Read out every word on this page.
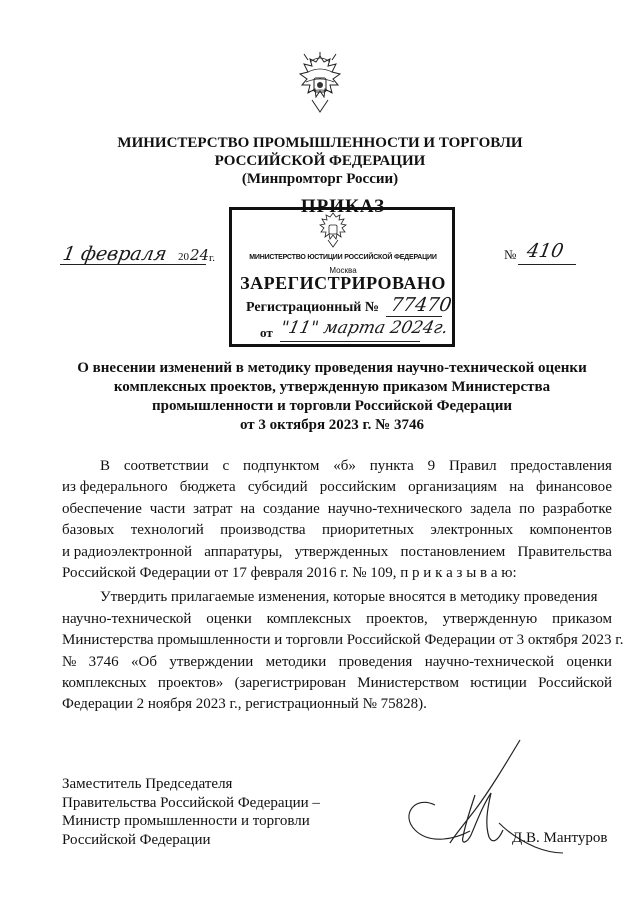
МИНИСТЕРСТВО ПРОМЫШЛЕННОСТИ И ТОРГОВЛИ
РОССИЙСКОЙ ФЕДЕРАЦИИ
(Минпромторг России)
1 февраля 20 24 г.	№ 410
ПРИКАЗ
МИНИСТЕРСТВО ЮСТИЦИИ РОССИЙСКОЙ ФЕДЕРАЦИИ
Москва
ЗАРЕГИСТРИРОВАНО
Регистрационный № 77470
от "11" марта 2024г.
О внесении изменений в методику проведения научно-технической оценки
комплексных проектов, утвержденную приказом Министерства
промышленности и торговли Российской Федерации
от 3 октября 2023 г. № 3746
В соответствии с подпунктом «б» пункта 9 Правил предоставления
из федерального бюджета субсидий российским организациям на финансовое
обеспечение части затрат на создание научно-технического задела по разработке
базовых технологий производства приоритетных электронных компонентов
и радиоэлектронной аппаратуры, утвержденных постановлением Правительства
Российской Федерации от 17 февраля 2016 г. № 109, п р и к а з ы в а ю:
Утвердить прилагаемые изменения, которые вносятся в методику проведения
научно-технической оценки комплексных проектов, утвержденную приказом
Министерства промышленности и торговли Российской Федерации от 3 октября 2023 г.
№ 3746 «Об утверждении методики проведения научно-технической оценки
комплексных проектов» (зарегистрирован Министерством юстиции Российской
Федерации 2 ноября 2023 г., регистрационный № 75828).
Заместитель Председателя
Правительства Российской Федерации –
Министр промышленности и торговли
Российской Федерации	Д.В. Мантуров
